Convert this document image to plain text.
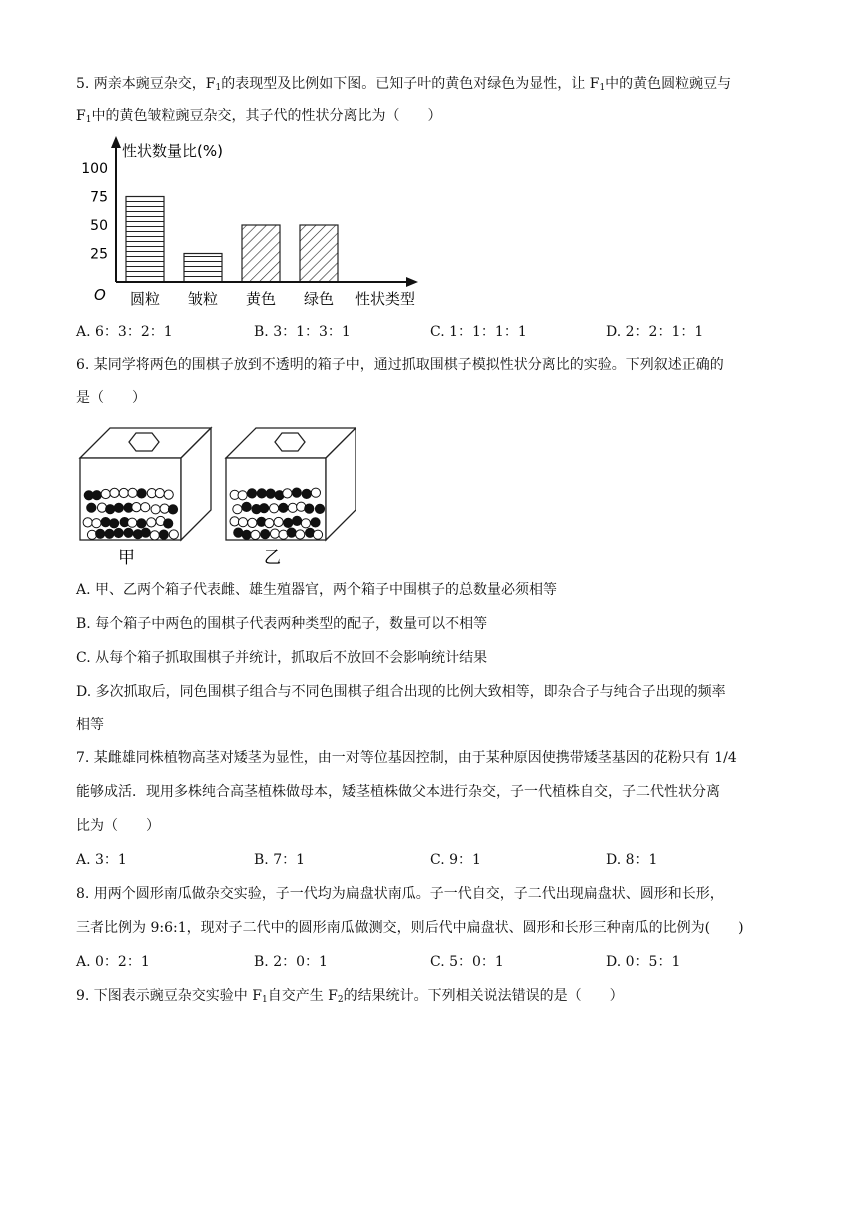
5. 两亲本豌豆杂交，$F_1$的表现型及比例如下图。已知子叶的黄色对绿色为显性，让 $F_1$中的黄色圆粒豌豆与
$F_1$中的黄色皱粒豌豆杂交，其子代的性状分离比为（　　）
性状数量比(%)
性状类型
O
100
75
50
25
圆粒 皱粒 黄色 绿色
A. 6：3：2：1	B. 3：1：3：1	C. 1：1：1：1	D. 2：2：1：1
6. 某同学将两色的围棋子放到不透明的箱子中，通过抓取围棋子模拟性状分离比的实验。下列叙述正确的
是（　　）
甲	乙
A. 甲、乙两个箱子代表雌、雄生殖器官，两个箱子中围棋子的总数量必须相等
B. 每个箱子中两色的围棋子代表两种类型的配子，数量可以不相等
C. 从每个箱子抓取围棋子并统计，抓取后不放回不会影响统计结果
D. 多次抓取后，同色围棋子组合与不同色围棋子组合出现的比例大致相等，即杂合子与纯合子出现的频率
相等
7. 某雌雄同株植物高茎对矮茎为显性，由一对等位基因控制，由于某种原因使携带矮茎基因的花粉只有 1/4
能够成活．现用多株纯合高茎植株做母本，矮茎植株做父本进行杂交，子一代植株自交，子二代性状分离
比为（　　）
A. 3：1	B. 7：1	C. 9：1	D. 8：1
8. 用两个圆形南瓜做杂交实验，子一代均为扁盘状南瓜。子一代自交，子二代出现扁盘状、圆形和长形，
三者比例为 9:6:1，现对子二代中的圆形南瓜做测交，则后代中扁盘状、圆形和长形三种南瓜的比例为(　　)
A. 0：2：1	B. 2：0：1	C. 5：0：1	D. 0：5：1
9. 下图表示豌豆杂交实验中 $F_1$自交产生 $F_2$的结果统计。下列相关说法错误的是（　　）
